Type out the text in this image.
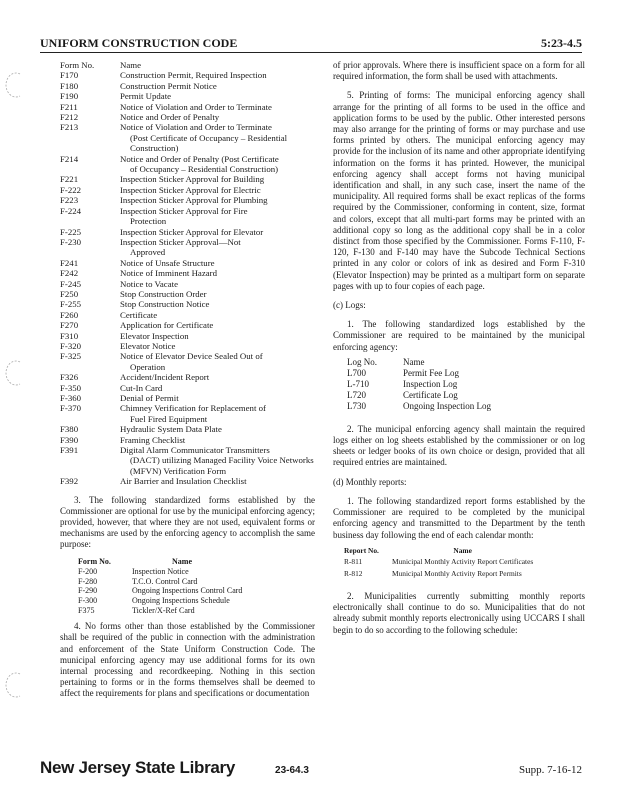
UNIFORM CONSTRUCTION CODE	5:23-4.5
Form No.	Name
F170	Construction Permit, Required Inspection
F180	Construction Permit Notice
F190	Permit Update
F211	Notice of Violation and Order to Terminate
F212	Notice and Order of Penalty
F213	Notice of Violation and Order to Terminate
(Post Certificate of Occupancy – Residential Construction)

F214	Notice and Order of Penalty (Post Certificate
of Occupancy – Residential Construction)

F221	Inspection Sticker Approval for Building
F-222	Inspection Sticker Approval for Electric
F223	Inspection Sticker Approval for Plumbing
F-224	Inspection Sticker Approval for Fire
Protection

F-225	Inspection Sticker Approval for Elevator
F-230	Inspection Sticker Approval—Not
Approved

F241	Notice of Unsafe Structure
F242	Notice of Imminent Hazard
F-245	Notice to Vacate
F250	Stop Construction Order
F-255	Stop Construction Notice
F260	Certificate
F270	Application for Certificate
F310	Elevator Inspection
F-320	Elevator Notice
F-325	Notice of Elevator Device Sealed Out of
Operation

F326	Accident/Incident Report
F-350	Cut-In Card
F-360	Denial of Permit
F-370	Chimney Verification for Replacement of
Fuel Fired Equipment

F380	Hydraulic System Data Plate
F390	Framing Checklist
F391	Digital Alarm Communicator Transmitters
(DACT) utilizing Managed Facility Voice Networks (MFVN) Verification Form

F392	Air Barrier and Insulation Checklist

3. The following standardized forms established by the Commissioner are optional for use by the municipal enforcing agency; provided, however, that where they are not used, equivalent forms or mechanisms are used by the enforcing agency to accomplish the same purpose:

Form No.	Name
F-200	Inspection Notice
F-280	T.C.O. Control Card
F-290	Ongoing Inspections Control Card
F-300	Ongoing Inspections Schedule
F375	Tickler/X-Ref Card

4. No forms other than those established by the Commissioner shall be required of the public in connection with the administration and enforcement of the State Uniform Construction Code. The municipal enforcing agency may use additional forms for its own internal processing and recordkeeping. Nothing in this section pertaining to forms or in the forms themselves shall be deemed to affect the requirements for plans and specifications or documentation

of prior approvals. Where there is insufficient space on a form for all required information, the form shall be used with attachments.

5. Printing of forms: The municipal enforcing agency shall arrange for the printing of all forms to be used in the office and application forms to be used by the public. Other interested persons may also arrange for the printing of forms or may purchase and use forms printed by others. The municipal enforcing agency may provide for the inclusion of its name and other appropriate identifying information on the forms it has printed. However, the municipal enforcing agency shall accept forms not having municipal identification and shall, in any such case, insert the name of the municipality. All required forms shall be exact replicas of the forms required by the Commissioner, conforming in content, size, format and colors, except that all multi-part forms may be printed with an additional copy so long as the additional copy shall be in a color distinct from those specified by the Commissioner. Forms F-110, F-120, F-130 and F-140 may have the Subcode Technical Sections printed in any color or colors of ink as desired and Form F-310 (Elevator Inspection) may be printed as a multipart form on separate pages with up to four copies of each page.

(c) Logs:

1. The following standardized logs established by the Commissioner are required to be maintained by the municipal enforcing agency:

Log No.	Name
L700	Permit Fee Log
L-710	Inspection Log
L720	Certificate Log
L730	Ongoing Inspection Log

2. The municipal enforcing agency shall maintain the required logs either on log sheets established by the commissioner or on log sheets or ledger books of its own choice or design, provided that all required entries are maintained.

(d) Monthly reports:

1. The following standardized report forms established by the Commissioner are required to be completed by the municipal enforcing agency and transmitted to the Department by the tenth business day following the end of each calendar month:

Report No.	Name
R-811	Municipal Monthly Activity Report Certificates
R-812	Municipal Monthly Activity Report Permits

2. Municipalities currently submitting monthly reports electronically shall continue to do so. Municipalities that do not already submit monthly reports electronically using UCCARS I shall begin to do so according to the following schedule:

New Jersey State Library	23-64.3	Supp. 7-16-12
